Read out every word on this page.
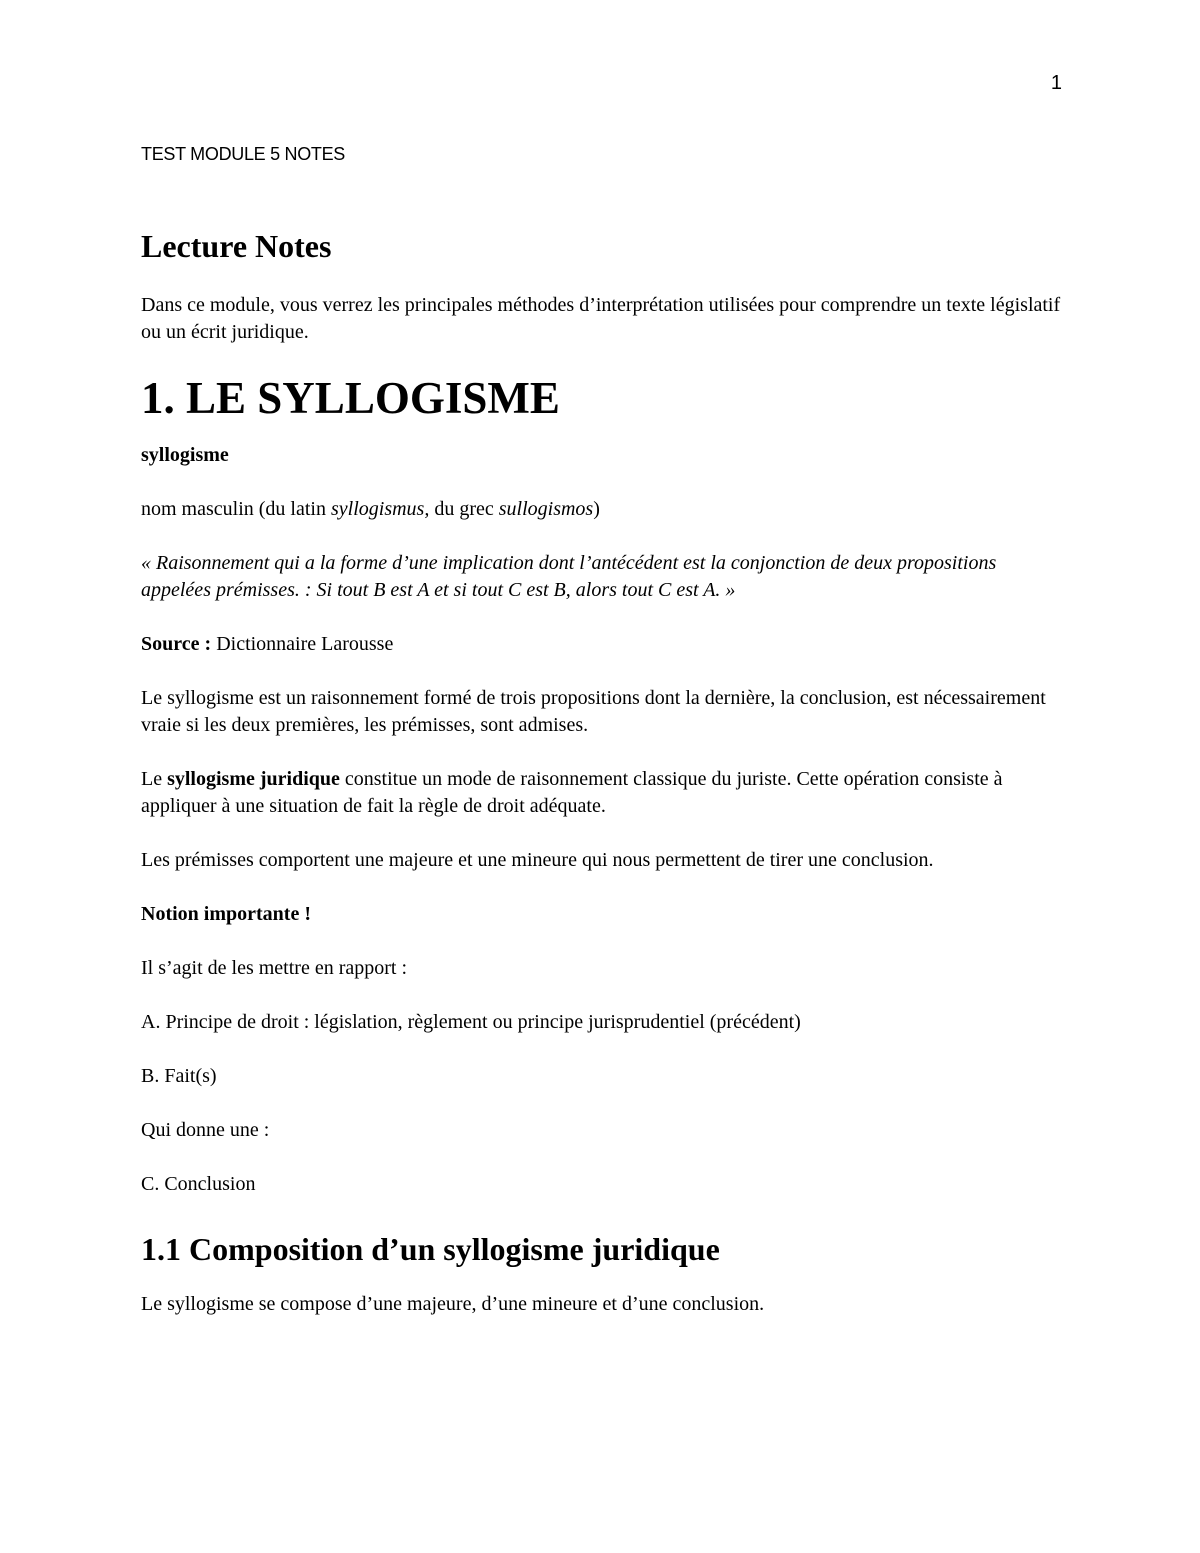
1
TEST MODULE 5 NOTES
Lecture Notes

Dans ce module, vous verrez les principales méthodes d’interprétation utilisées pour comprendre un texte législatif ou un écrit juridique.

1. LE SYLLOGISME

syllogisme

nom masculin (du latin syllogismus, du grec sullogismos)

« Raisonnement qui a la forme d’une implication dont l’antécédent est la conjonction de deux propositions appelées prémisses. : Si tout B est A et si tout C est B, alors tout C est A. »

Source : Dictionnaire Larousse

Le syllogisme est un raisonnement formé de trois propositions dont la dernière, la conclusion, est nécessairement vraie si les deux premières, les prémisses, sont admises.

Le syllogisme juridique constitue un mode de raisonnement classique du juriste. Cette opération consiste à appliquer à une situation de fait la règle de droit adéquate.

Les prémisses comportent une majeure et une mineure qui nous permettent de tirer une conclusion.

Notion importante !

Il s’agit de les mettre en rapport :

A. Principe de droit : législation, règlement ou principe jurisprudentiel (précédent)

B. Fait(s)

Qui donne une :

C. Conclusion

1.1 Composition d’un syllogisme juridique

Le syllogisme se compose d’une majeure, d’une mineure et d’une conclusion.
